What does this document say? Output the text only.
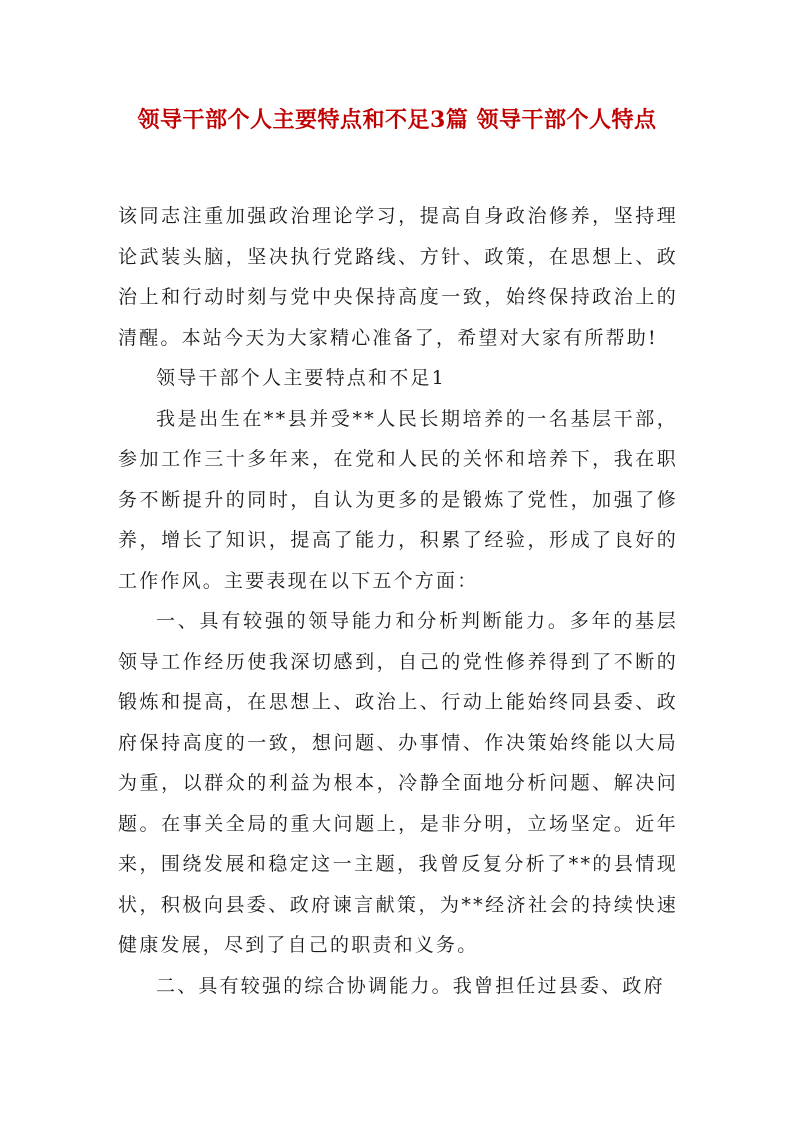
领导干部个人主要特点和不足3篇 领导干部个人特点

该同志注重加强政治理论学习，提高自身政治修养，坚持理论武装头脑，坚决执行党路线、方针、政策，在思想上、政治上和行动时刻与党中央保持高度一致，始终保持政治上的清醒。本站今天为大家精心准备了，希望对大家有所帮助!

领导干部个人主要特点和不足1

我是出生在**县并受**人民长期培养的一名基层干部，参加工作三十多年来，在党和人民的关怀和培养下，我在职务不断提升的同时，自认为更多的是锻炼了党性，加强了修养，增长了知识，提高了能力，积累了经验，形成了良好的工作作风。主要表现在以下五个方面：

一、具有较强的领导能力和分析判断能力。多年的基层领导工作经历使我深切感到，自己的党性修养得到了不断的锻炼和提高，在思想上、政治上、行动上能始终同县委、政府保持高度的一致，想问题、办事情、作决策始终能以大局为重，以群众的利益为根本，冷静全面地分析问题、解决问题。在事关全局的重大问题上，是非分明，立场坚定。近年来，围绕发展和稳定这一主题，我曾反复分析了**的县情现状，积极向县委、政府谏言献策，为**经济社会的持续快速健康发展，尽到了自己的职责和义务。

二、具有较强的综合协调能力。我曾担任过县委、政府
